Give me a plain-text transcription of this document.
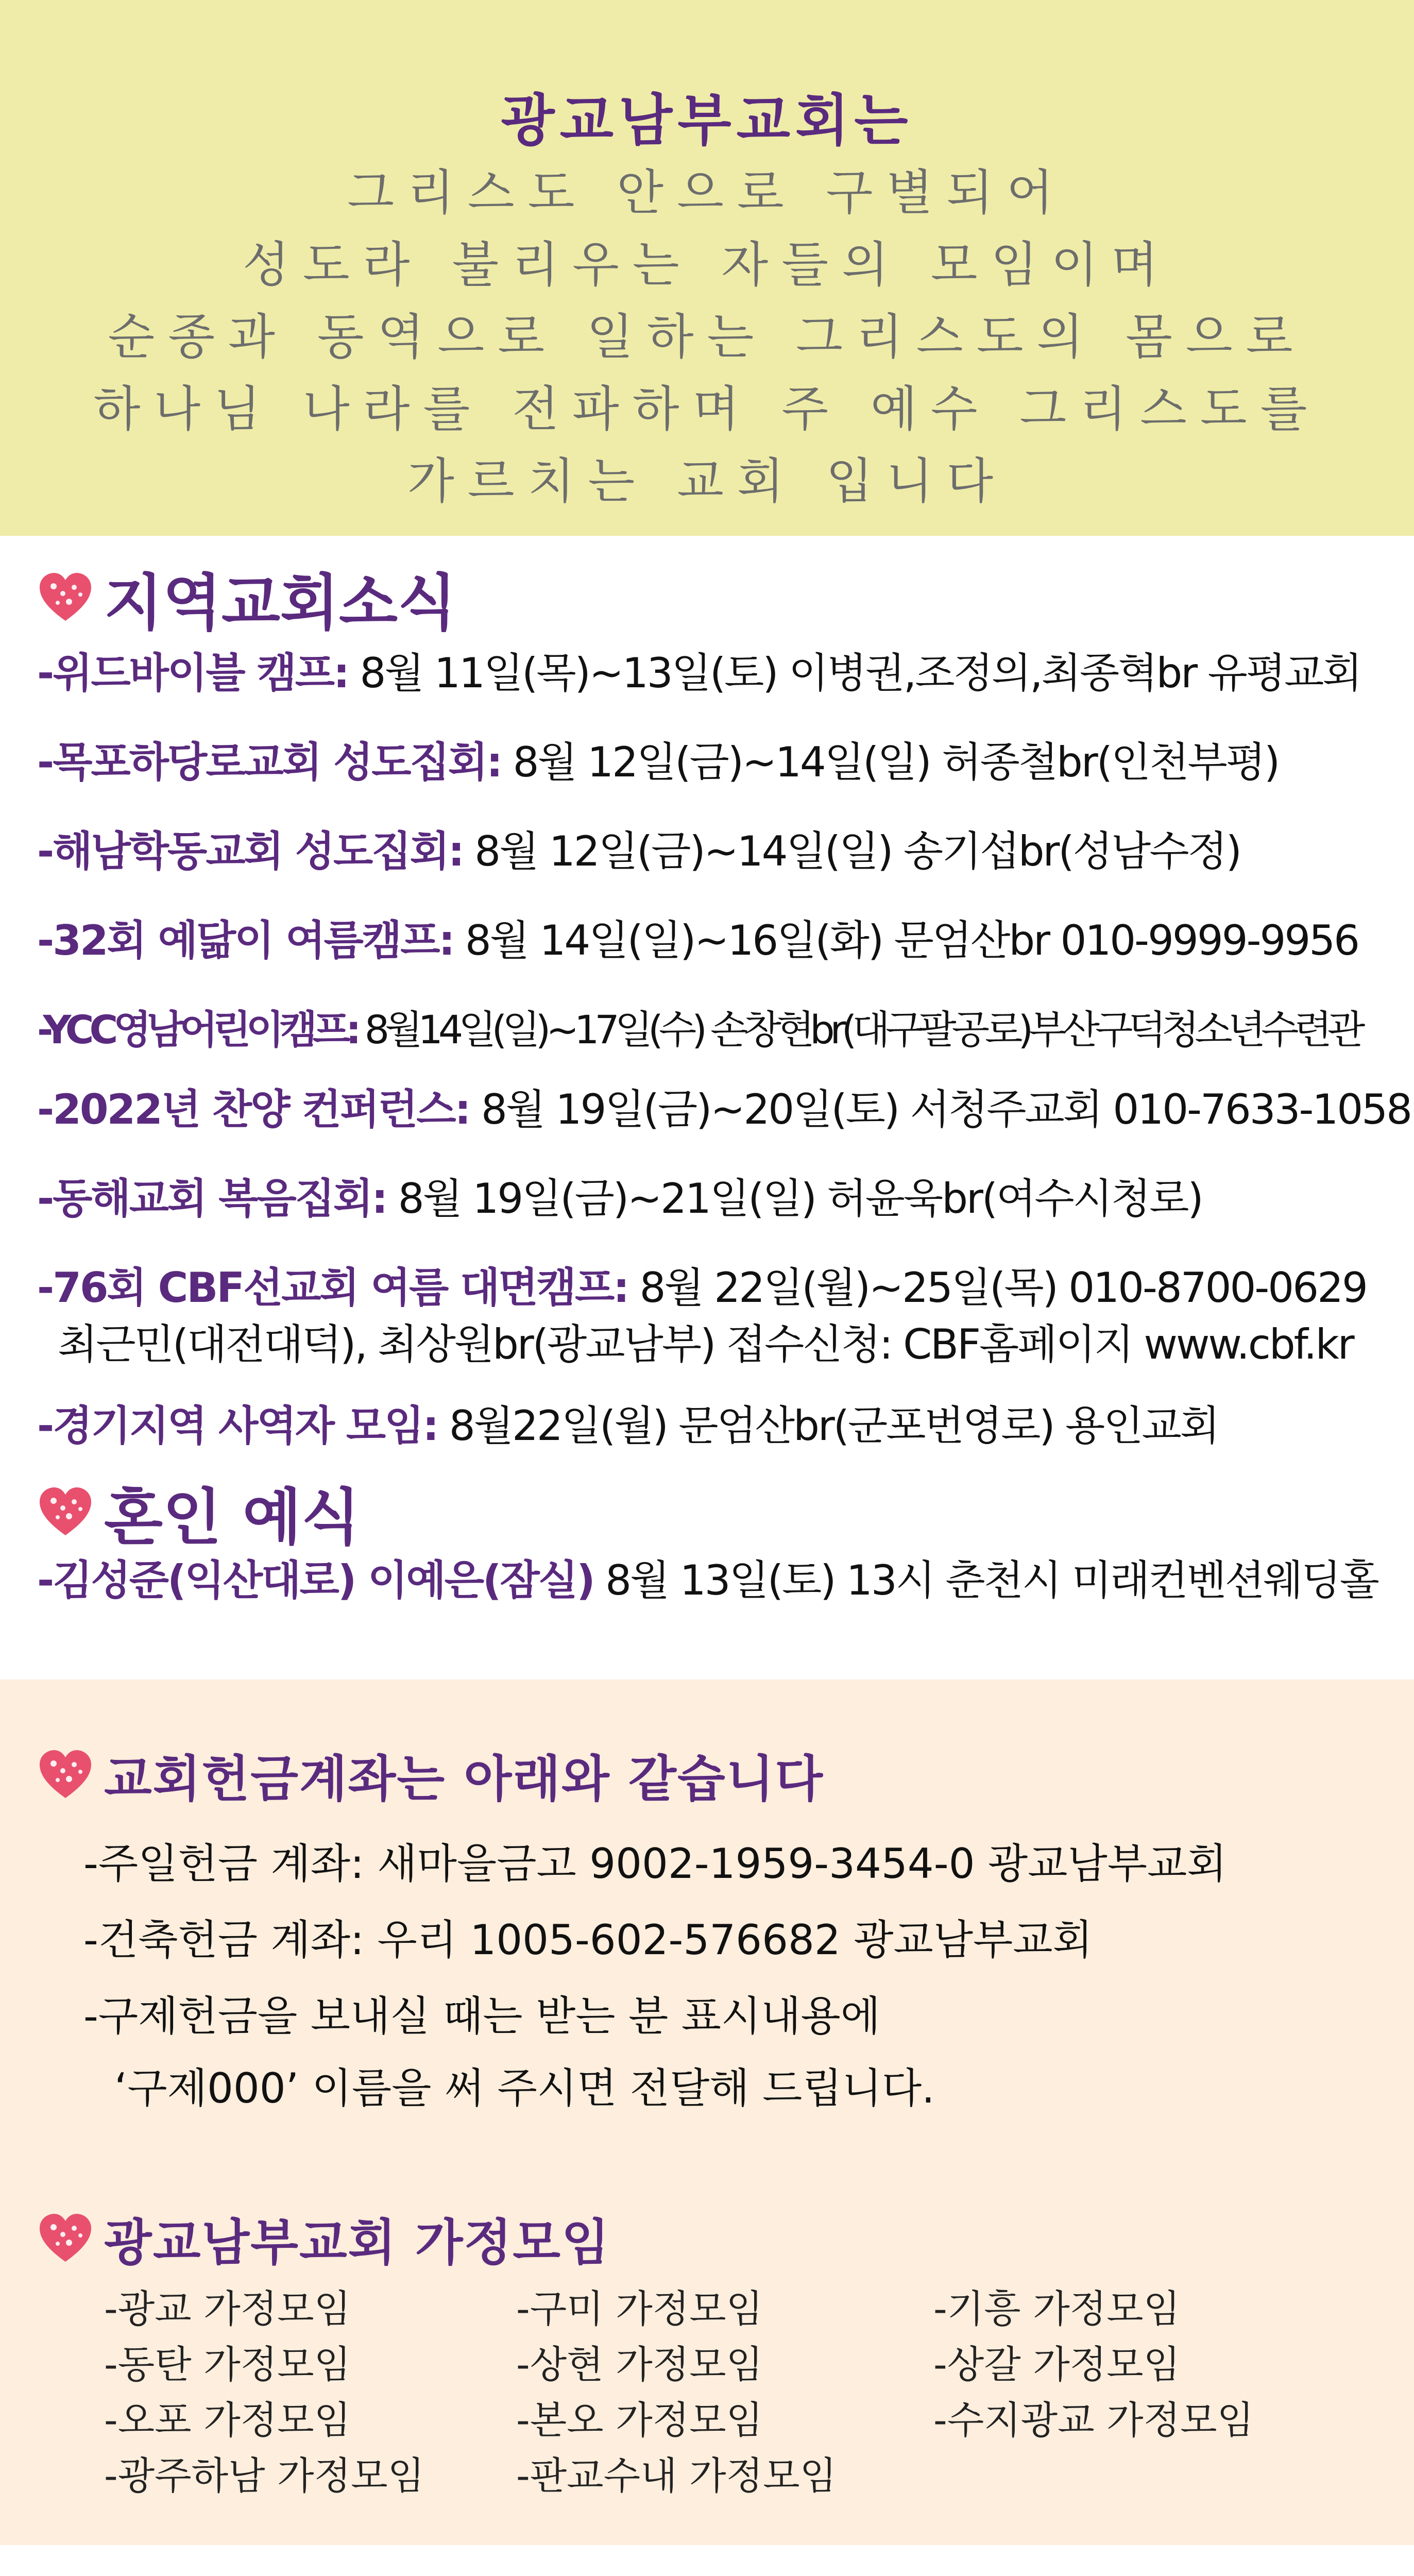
광교남부교회는
그리스도 안으로 구별되어
성도라 불리우는 자들의 모임이며
순종과 동역으로 일하는 그리스도의 몸으로
하나님 나라를 전파하며 주 예수 그리스도를
가르치는 교회 입니다
지역교회소식
-위드바이블 캠프: 8월 11일(목)~13일(토) 이병권,조정의,최종혁br 유평교회
-목포하당로교회 성도집회: 8월 12일(금)~14일(일) 허종철br(인천부평)
-해남학동교회 성도집회: 8월 12일(금)~14일(일) 송기섭br(성남수정)
-32회 예닮이 여름캠프: 8월 14일(일)~16일(화) 문엄산br 010-9999-9956
-YCC영남어린이캠프: 8월14일(일)~17일(수) 손창현br(대구팔공로)부산구덕청소년수련관
-2022년 찬양 컨퍼런스: 8월 19일(금)~20일(토) 서청주교회 010-7633-1058
-동해교회 복음집회: 8월 19일(금)~21일(일) 허윤욱br(여수시청로)
-76회 CBF선교회 여름 대면캠프: 8월 22일(월)~25일(목) 010-8700-0629
최근민(대전대덕), 최상원br(광교남부) 접수신청: CBF홈페이지 www.cbf.kr
-경기지역 사역자 모임: 8월22일(월) 문엄산br(군포번영로) 용인교회
혼인 예식
-김성준(익산대로) 이예은(잠실) 8월 13일(토) 13시 춘천시 미래컨벤션웨딩홀
교회헌금계좌는 아래와 같습니다
-주일헌금 계좌: 새마을금고 9002-1959-3454-0 광교남부교회
-건축헌금 계좌: 우리 1005-602-576682 광교남부교회
-구제헌금을 보내실 때는 받는 분 표시내용에
‘구제000’ 이름을 써 주시면 전달해 드립니다.
광교남부교회 가정모임
-광교 가정모임	-구미 가정모임	-기흥 가정모임
-동탄 가정모임	-상현 가정모임	-상갈 가정모임
-오포 가정모임	-본오 가정모임	-수지광교 가정모임
-광주하남 가정모임	-판교수내 가정모임
